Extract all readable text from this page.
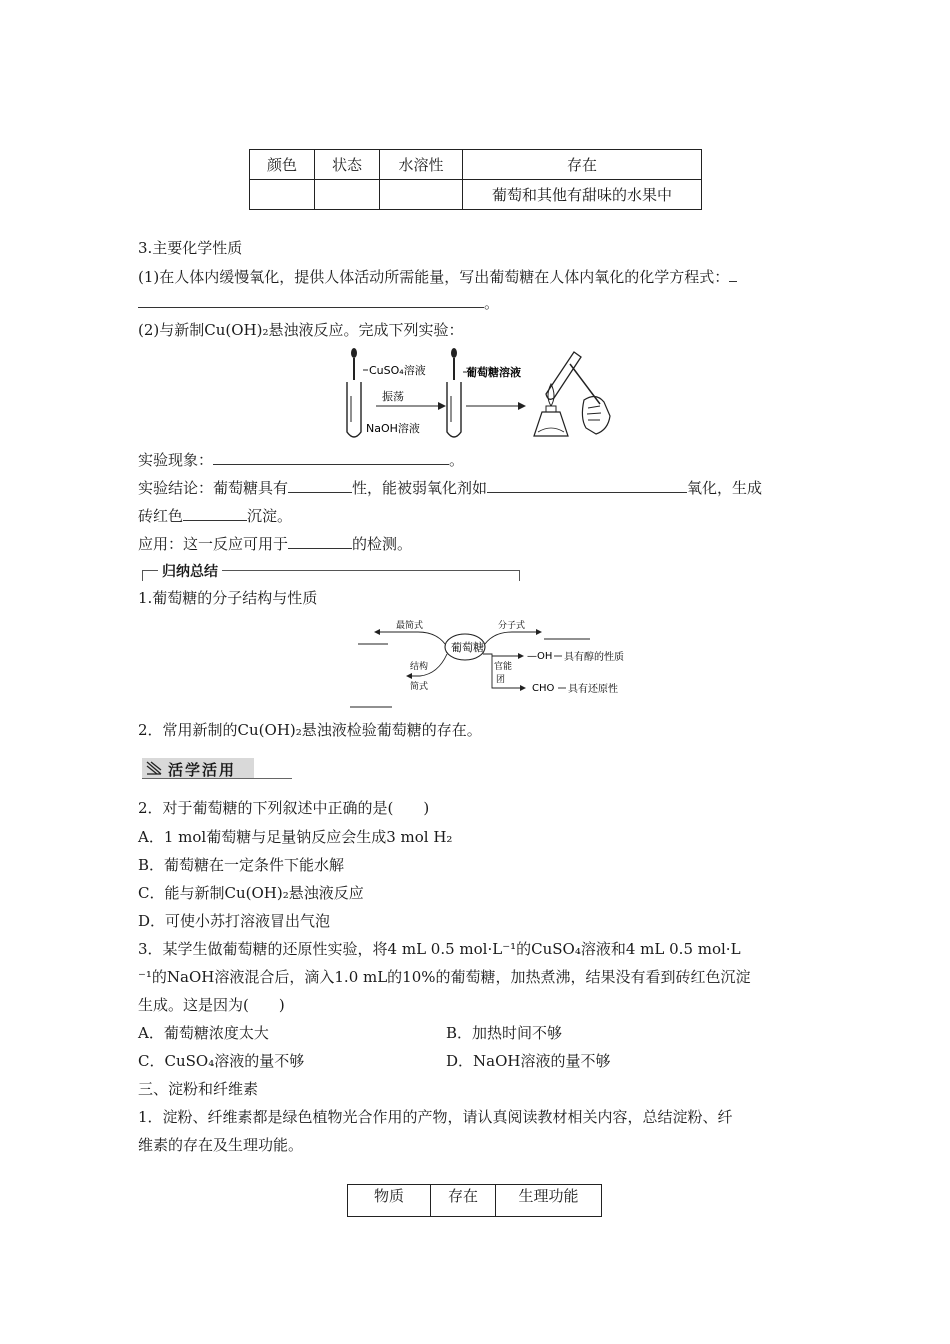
颜色	状态	水溶性	存在
			葡萄和其他有甜味的水果中
3.主要化学性质
(1)在人体内缓慢氧化，提供人体活动所需能量，写出葡萄糖在人体内氧化的化学方程式：
。
(2)与新制Cu(OH)₂悬浊液反应。完成下列实验：
CuSO₄溶液
振荡
NaOH溶液
葡萄糖溶液
实验现象：	。
实验结论：葡萄糖具有	性，能被弱氧化剂如	氧化，生成
砖红色	沉淀。
应用：这一反应可用于	的检测。
归纳总结
1.葡萄糖的分子结构与性质
葡萄糖
最简式	分子式
结构
简式
官能
团
—OH 具有醇的性质
CHO 具有还原性
2．常用新制的Cu(OH)₂悬浊液检验葡萄糖的存在。
活学活用
2．对于葡萄糖的下列叙述中正确的是(　　)
A．1 mol葡萄糖与足量钠反应会生成3 mol H₂
B．葡萄糖在一定条件下能水解
C．能与新制Cu(OH)₂悬浊液反应
D．可使小苏打溶液冒出气泡
3．某学生做葡萄糖的还原性实验，将4 mL 0.5 mol·L⁻¹的CuSO₄溶液和4 mL 0.5 mol·L
⁻¹的NaOH溶液混合后，滴入1.0 mL的10%的葡萄糖，加热煮沸，结果没有看到砖红色沉淀
生成。这是因为(　　)
A．葡萄糖浓度太大	B．加热时间不够
C．CuSO₄溶液的量不够	D．NaOH溶液的量不够
三、淀粉和纤维素
1．淀粉、纤维素都是绿色植物光合作用的产物，请认真阅读教材相关内容，总结淀粉、纤
维素的存在及生理功能。
物质	存在	生理功能
